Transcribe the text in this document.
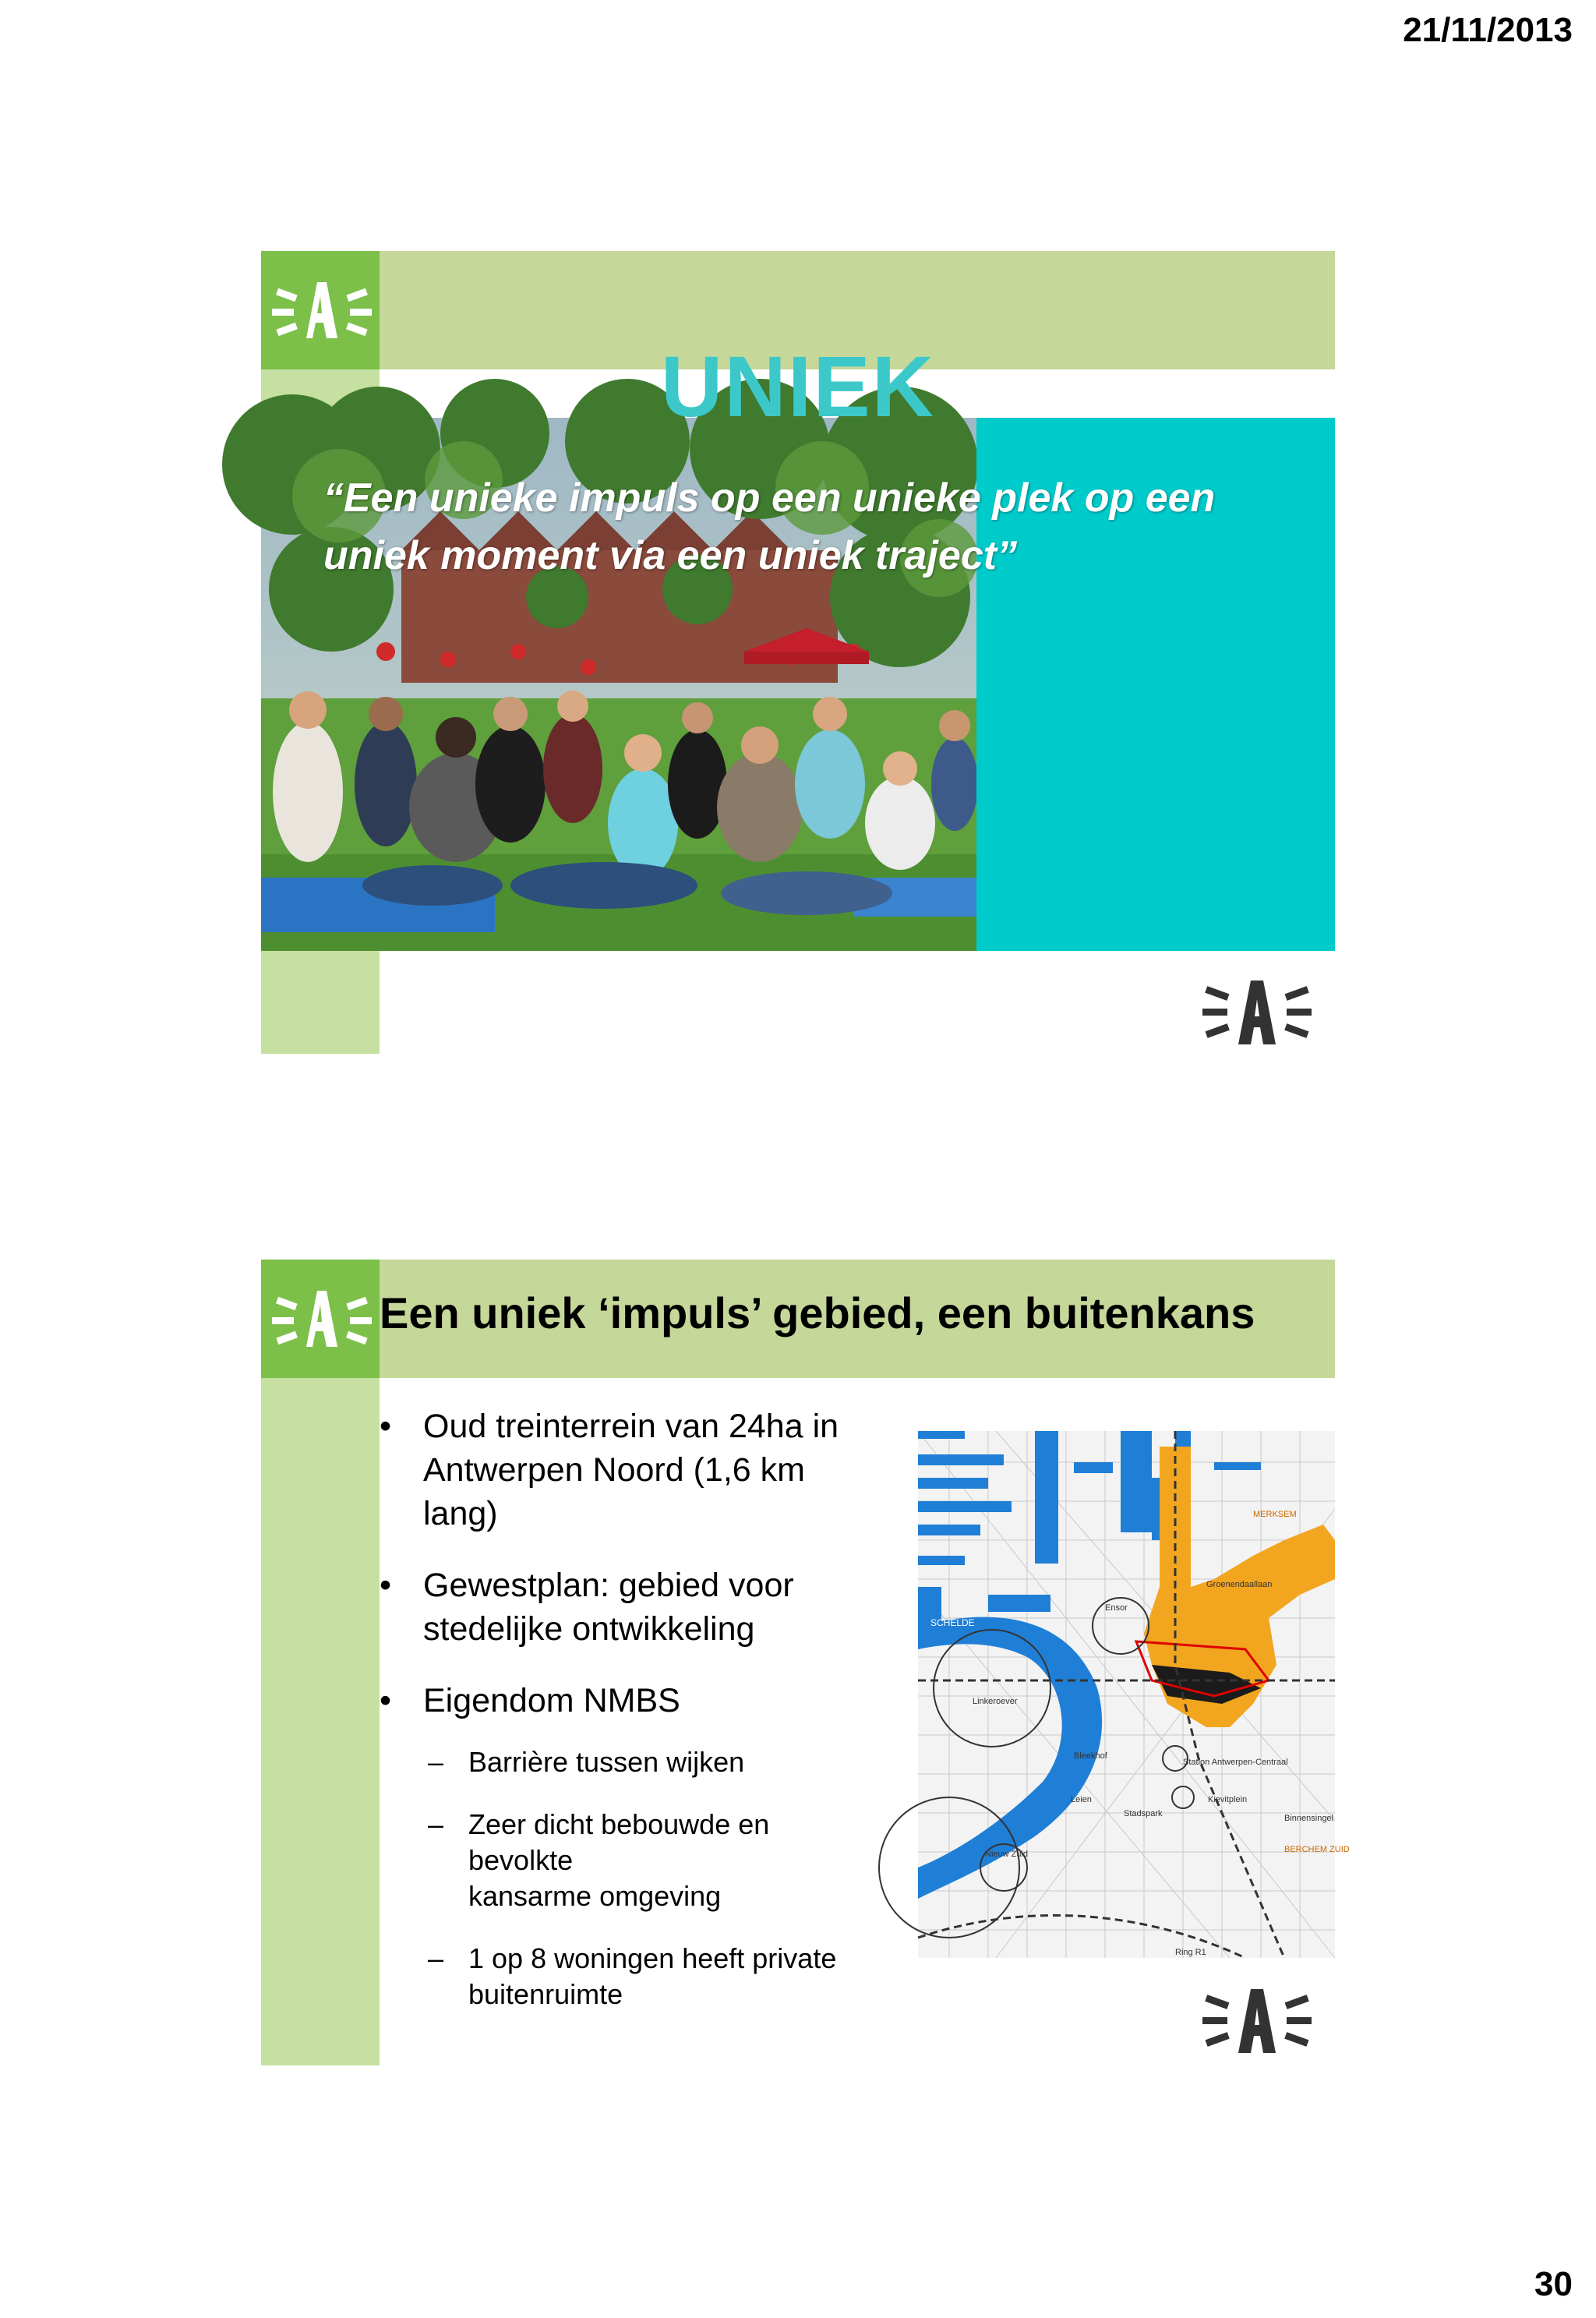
21/11/2013
UNIEK
“Een unieke impuls op een unieke plek op een
uniek moment via een uniek traject”
Een uniek ‘impuls’ gebied, een buitenkans
• Oud treinterrein van 24ha in
Antwerpen Noord (1,6 km lang)
• Gewestplan: gebied voor
stedelijke ontwikkeling
• Eigendom NMBS
– Barrière tussen wijken
– Zeer dicht bebouwde en bevolkte
kansarme omgeving
– 1 op 8 woningen heeft private
buitenruimte
SCHELDE
MERKSEM
Groenendaallaan
Linkeroever
Station Antwerpen-Centraal
Kievitplein
Leien
Bleekhof
Stadspark
Nieuw Zuid
Binnensingel
Ring R1
Ensor
BERCHEM ZUID
30
